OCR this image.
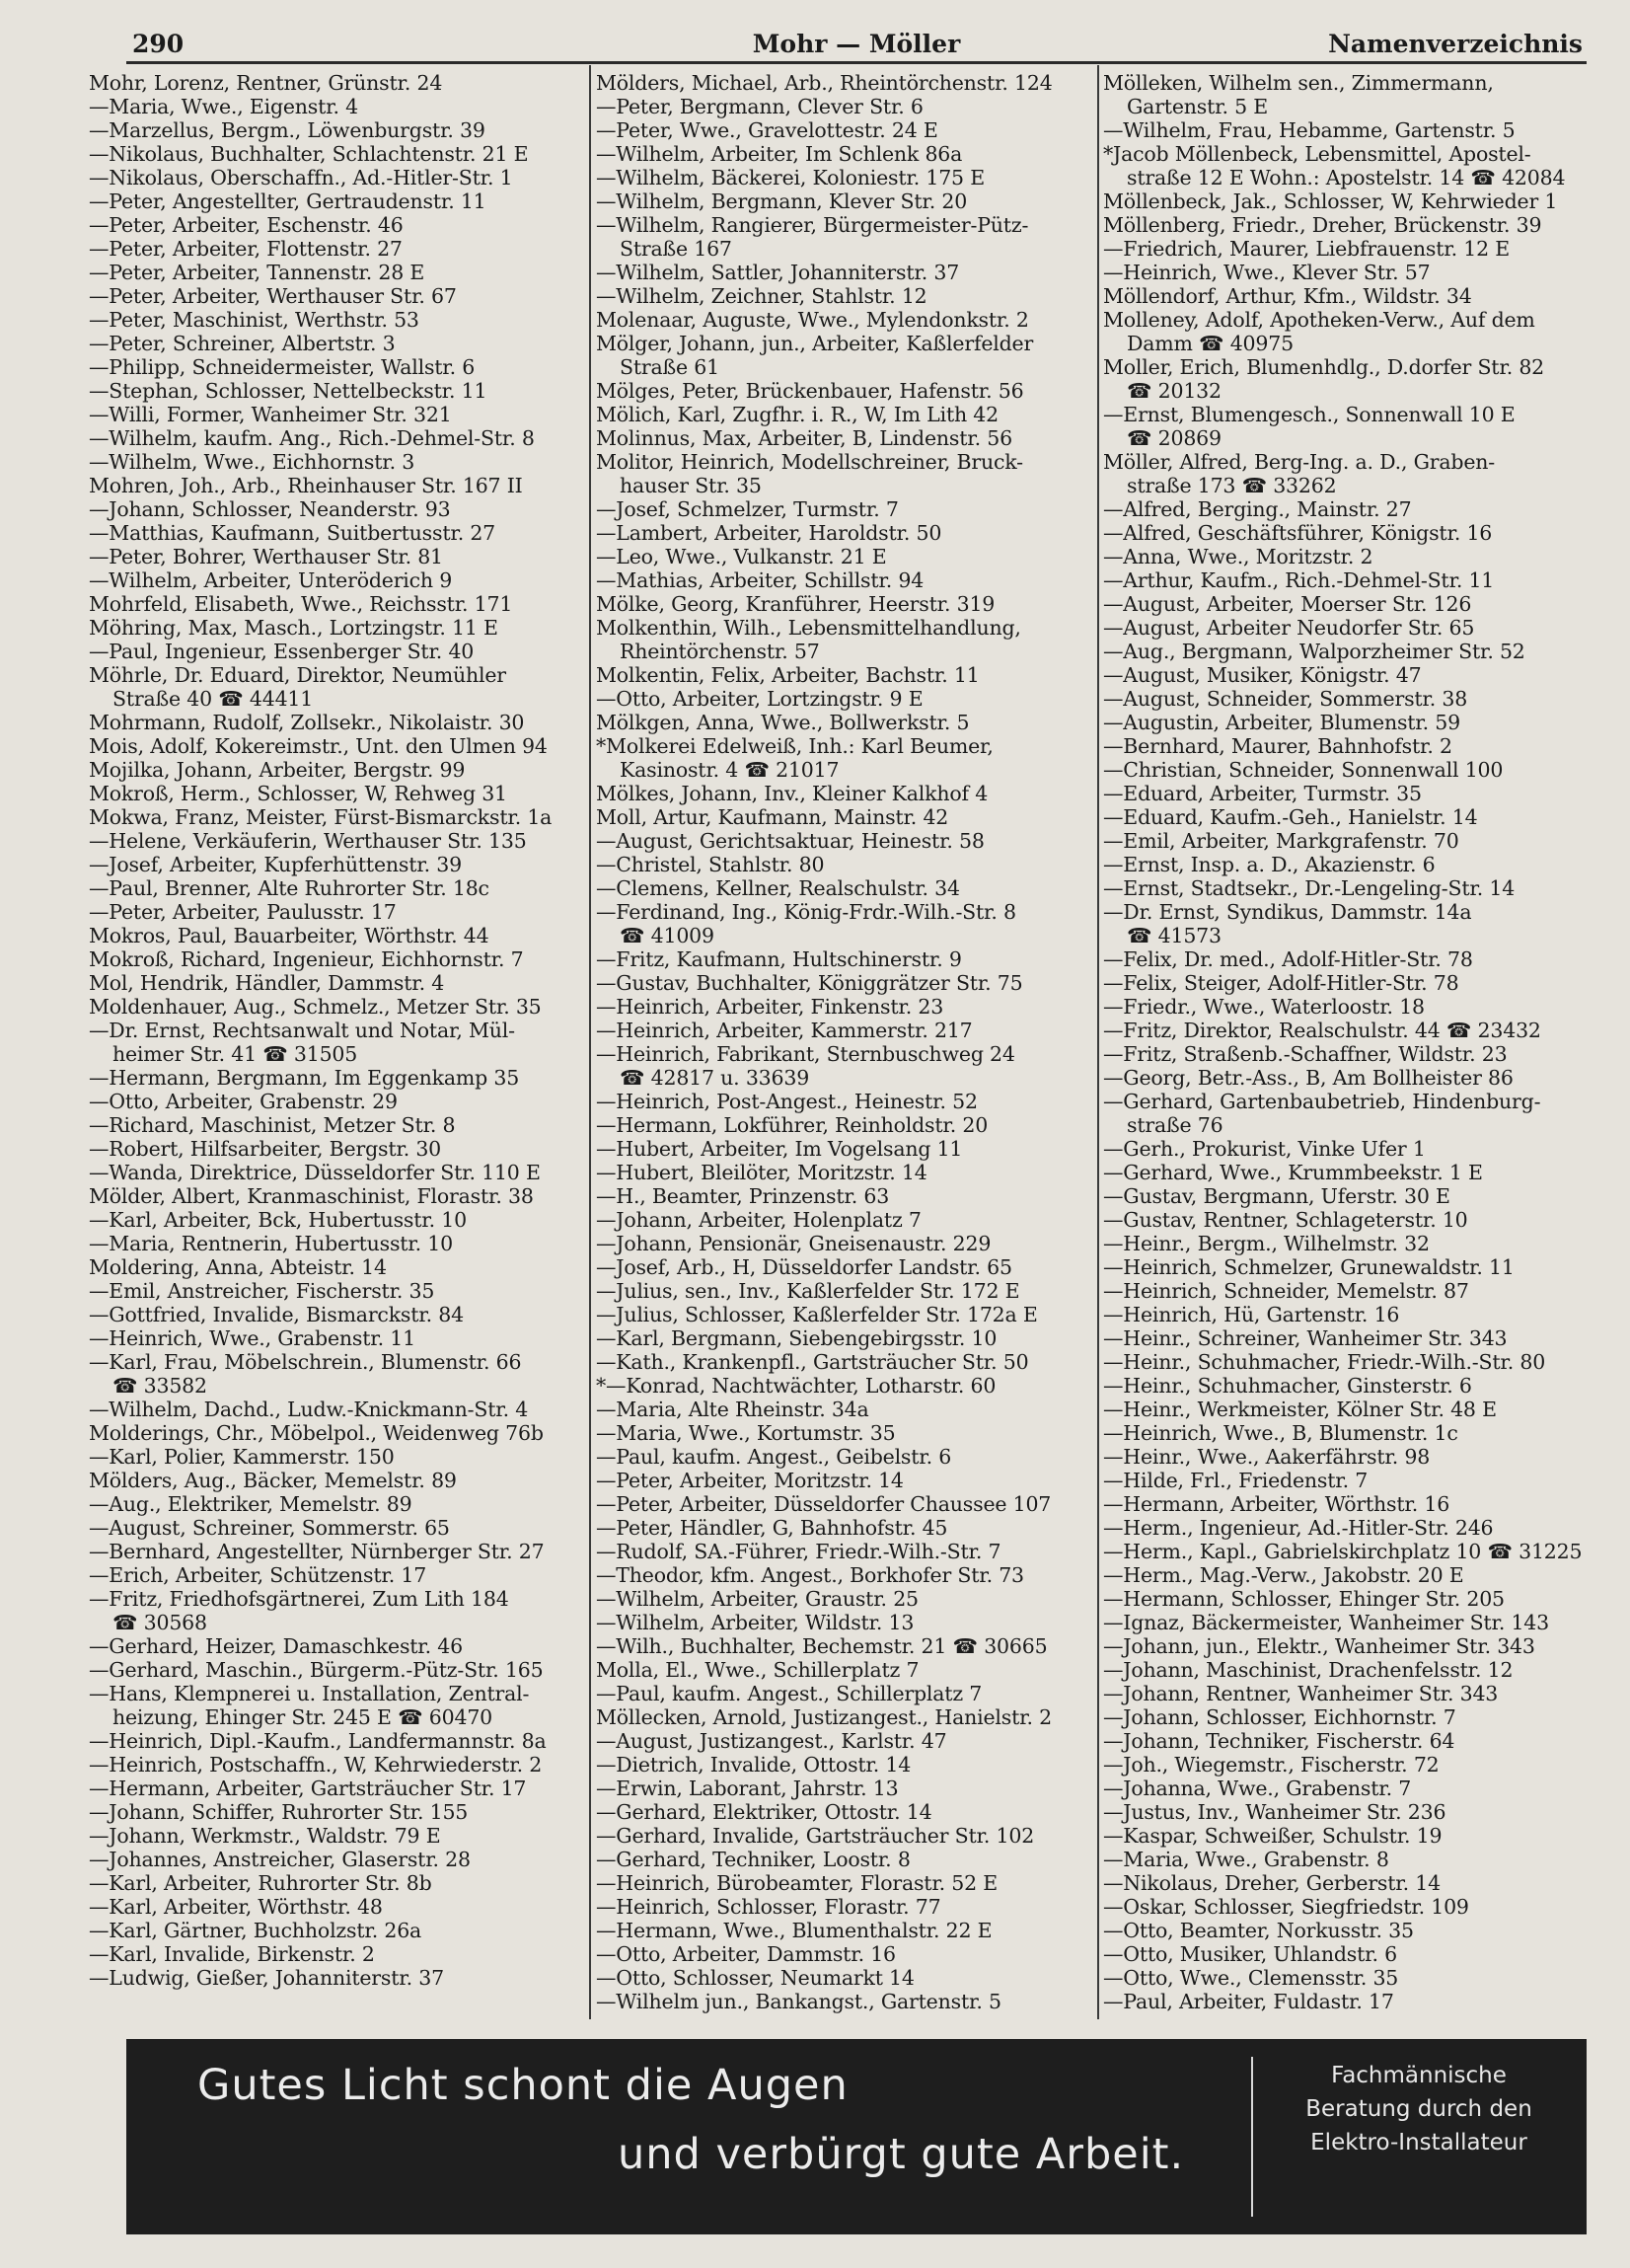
290	Mohr — Möller	Namenverzeichnis
Mohr, Lorenz, Rentner, Grünstr. 24
—Maria, Wwe., Eigenstr. 4
—Marzellus, Bergm., Löwenburgstr. 39
—Nikolaus, Buchhalter, Schlachtenstr. 21 E
—Nikolaus, Oberschaffn., Ad.-Hitler-Str. 1
—Peter, Angestellter, Gertraudenstr. 11
—Peter, Arbeiter, Eschenstr. 46
—Peter, Arbeiter, Flottenstr. 27
—Peter, Arbeiter, Tannenstr. 28 E
—Peter, Arbeiter, Werthauser Str. 67
—Peter, Maschinist, Werthstr. 53
—Peter, Schreiner, Albertstr. 3
—Philipp, Schneidermeister, Wallstr. 6
—Stephan, Schlosser, Nettelbeckstr. 11
—Willi, Former, Wanheimer Str. 321
—Wilhelm, kaufm. Ang., Rich.-Dehmel-Str. 8
—Wilhelm, Wwe., Eichhornstr. 3
Mohren, Joh., Arb., Rheinhauser Str. 167 II
—Johann, Schlosser, Neanderstr. 93
—Matthias, Kaufmann, Suitbertusstr. 27
—Peter, Bohrer, Werthauser Str. 81
—Wilhelm, Arbeiter, Unteröderich 9
Mohrfeld, Elisabeth, Wwe., Reichsstr. 171
Möhring, Max, Masch., Lortzingstr. 11 E
—Paul, Ingenieur, Essenberger Str. 40
Möhrle, Dr. Eduard, Direktor, Neumühler
Straße 40 ☎ 44411
Mohrmann, Rudolf, Zollsekr., Nikolaistr. 30
Mois, Adolf, Kokereimstr., Unt. den Ulmen 94
Mojilka, Johann, Arbeiter, Bergstr. 99
Mokroß, Herm., Schlosser, W, Rehweg 31
Mokwa, Franz, Meister, Fürst-Bismarckstr. 1a
—Helene, Verkäuferin, Werthauser Str. 135
—Josef, Arbeiter, Kupferhüttenstr. 39
—Paul, Brenner, Alte Ruhrorter Str. 18c
—Peter, Arbeiter, Paulusstr. 17
Mokros, Paul, Bauarbeiter, Wörthstr. 44
Mokroß, Richard, Ingenieur, Eichhornstr. 7
Mol, Hendrik, Händler, Dammstr. 4
Moldenhauer, Aug., Schmelz., Metzer Str. 35
—Dr. Ernst, Rechtsanwalt und Notar, Mül-
heimer Str. 41 ☎ 31505
—Hermann, Bergmann, Im Eggenkamp 35
—Otto, Arbeiter, Grabenstr. 29
—Richard, Maschinist, Metzer Str. 8
—Robert, Hilfsarbeiter, Bergstr. 30
—Wanda, Direktrice, Düsseldorfer Str. 110 E
Mölder, Albert, Kranmaschinist, Florastr. 38
—Karl, Arbeiter, Bck, Hubertusstr. 10
—Maria, Rentnerin, Hubertusstr. 10
Moldering, Anna, Abteistr. 14
—Emil, Anstreicher, Fischerstr. 35
—Gottfried, Invalide, Bismarckstr. 84
—Heinrich, Wwe., Grabenstr. 11
—Karl, Frau, Möbelschrein., Blumenstr. 66
☎ 33582
—Wilhelm, Dachd., Ludw.-Knickmann-Str. 4
Molderings, Chr., Möbelpol., Weidenweg 76b
—Karl, Polier, Kammerstr. 150
Mölders, Aug., Bäcker, Memelstr. 89
—Aug., Elektriker, Memelstr. 89
—August, Schreiner, Sommerstr. 65
—Bernhard, Angestellter, Nürnberger Str. 27
—Erich, Arbeiter, Schützenstr. 17
—Fritz, Friedhofsgärtnerei, Zum Lith 184
☎ 30568
—Gerhard, Heizer, Damaschkestr. 46
—Gerhard, Maschin., Bürgerm.-Pütz-Str. 165
—Hans, Klempnerei u. Installation, Zentral-
heizung, Ehinger Str. 245 E ☎ 60470
—Heinrich, Dipl.-Kaufm., Landfermannstr. 8a
—Heinrich, Postschaffn., W, Kehrwiederstr. 2
—Hermann, Arbeiter, Gartsträucher Str. 17
—Johann, Schiffer, Ruhrorter Str. 155
—Johann, Werkmstr., Waldstr. 79 E
—Johannes, Anstreicher, Glaserstr. 28
—Karl, Arbeiter, Ruhrorter Str. 8b
—Karl, Arbeiter, Wörthstr. 48
—Karl, Gärtner, Buchholzstr. 26a
—Karl, Invalide, Birkenstr. 2
—Ludwig, Gießer, Johanniterstr. 37
Mölders, Michael, Arb., Rheintörchenstr. 124
—Peter, Bergmann, Clever Str. 6
—Peter, Wwe., Gravelottestr. 24 E
—Wilhelm, Arbeiter, Im Schlenk 86a
—Wilhelm, Bäckerei, Koloniestr. 175 E
—Wilhelm, Bergmann, Klever Str. 20
—Wilhelm, Rangierer, Bürgermeister-Pütz-
Straße 167
—Wilhelm, Sattler, Johanniterstr. 37
—Wilhelm, Zeichner, Stahlstr. 12
Molenaar, Auguste, Wwe., Mylendonkstr. 2
Mölger, Johann, jun., Arbeiter, Kaßlerfelder
Straße 61
Mölges, Peter, Brückenbauer, Hafenstr. 56
Mölich, Karl, Zugfhr. i. R., W, Im Lith 42
Molinnus, Max, Arbeiter, B, Lindenstr. 56
Molitor, Heinrich, Modellschreiner, Bruck-
hauser Str. 35
—Josef, Schmelzer, Turmstr. 7
—Lambert, Arbeiter, Haroldstr. 50
—Leo, Wwe., Vulkanstr. 21 E
—Mathias, Arbeiter, Schillstr. 94
Mölke, Georg, Kranführer, Heerstr. 319
Molkenthin, Wilh., Lebensmittelhandlung,
Rheintörchenstr. 57
Molkentin, Felix, Arbeiter, Bachstr. 11
—Otto, Arbeiter, Lortzingstr. 9 E
Mölkgen, Anna, Wwe., Bollwerkstr. 5
*Molkerei Edelweiß, Inh.: Karl Beumer,
Kasinostr. 4 ☎ 21017
Mölkes, Johann, Inv., Kleiner Kalkhof 4
Moll, Artur, Kaufmann, Mainstr. 42
—August, Gerichtsaktuar, Heinestr. 58
—Christel, Stahlstr. 80
—Clemens, Kellner, Realschulstr. 34
—Ferdinand, Ing., König-Frdr.-Wilh.-Str. 8
☎ 41009
—Fritz, Kaufmann, Hultschinerstr. 9
—Gustav, Buchhalter, Königgrätzer Str. 75
—Heinrich, Arbeiter, Finkenstr. 23
—Heinrich, Arbeiter, Kammerstr. 217
—Heinrich, Fabrikant, Sternbuschweg 24
☎ 42817 u. 33639
—Heinrich, Post-Angest., Heinestr. 52
—Hermann, Lokführer, Reinholdstr. 20
—Hubert, Arbeiter, Im Vogelsang 11
—Hubert, Bleilöter, Moritzstr. 14
—H., Beamter, Prinzenstr. 63
—Johann, Arbeiter, Holenplatz 7
—Johann, Pensionär, Gneisenaustr. 229
—Josef, Arb., H, Düsseldorfer Landstr. 65
—Julius, sen., Inv., Kaßlerfelder Str. 172 E
—Julius, Schlosser, Kaßlerfelder Str. 172a E
—Karl, Bergmann, Siebengebirgsstr. 10
—Kath., Krankenpfl., Gartsträucher Str. 50
*—Konrad, Nachtwächter, Lotharstr. 60
—Maria, Alte Rheinstr. 34a
—Maria, Wwe., Kortumstr. 35
—Paul, kaufm. Angest., Geibelstr. 6
—Peter, Arbeiter, Moritzstr. 14
—Peter, Arbeiter, Düsseldorfer Chaussee 107
—Peter, Händler, G, Bahnhofstr. 45
—Rudolf, SA.-Führer, Friedr.-Wilh.-Str. 7
—Theodor, kfm. Angest., Borkhofer Str. 73
—Wilhelm, Arbeiter, Graustr. 25
—Wilhelm, Arbeiter, Wildstr. 13
—Wilh., Buchhalter, Bechemstr. 21 ☎ 30665
Molla, El., Wwe., Schillerplatz 7
—Paul, kaufm. Angest., Schillerplatz 7
Möllecken, Arnold, Justizangest., Hanielstr. 2
—August, Justizangest., Karlstr. 47
—Dietrich, Invalide, Ottostr. 14
—Erwin, Laborant, Jahrstr. 13
—Gerhard, Elektriker, Ottostr. 14
—Gerhard, Invalide, Gartsträucher Str. 102
—Gerhard, Techniker, Loostr. 8
—Heinrich, Bürobeamter, Florastr. 52 E
—Heinrich, Schlosser, Florastr. 77
—Hermann, Wwe., Blumenthalstr. 22 E
—Otto, Arbeiter, Dammstr. 16
—Otto, Schlosser, Neumarkt 14
—Wilhelm jun., Bankangst., Gartenstr. 5
Mölleken, Wilhelm sen., Zimmermann,
Gartenstr. 5 E
—Wilhelm, Frau, Hebamme, Gartenstr. 5
*Jacob Möllenbeck, Lebensmittel, Apostel-
straße 12 E Wohn.: Apostelstr. 14 ☎ 42084
Möllenbeck, Jak., Schlosser, W, Kehrwieder 1
Möllenberg, Friedr., Dreher, Brückenstr. 39
—Friedrich, Maurer, Liebfrauenstr. 12 E
—Heinrich, Wwe., Klever Str. 57
Möllendorf, Arthur, Kfm., Wildstr. 34
Molleney, Adolf, Apotheken-Verw., Auf dem
Damm ☎ 40975
Moller, Erich, Blumenhdlg., D.dorfer Str. 82
☎ 20132
—Ernst, Blumengesch., Sonnenwall 10 E
☎ 20869
Möller, Alfred, Berg-Ing. a. D., Graben-
straße 173 ☎ 33262
—Alfred, Berging., Mainstr. 27
—Alfred, Geschäftsführer, Königstr. 16
—Anna, Wwe., Moritzstr. 2
—Arthur, Kaufm., Rich.-Dehmel-Str. 11
—August, Arbeiter, Moerser Str. 126
—August, Arbeiter Neudorfer Str. 65
—Aug., Bergmann, Walporzheimer Str. 52
—August, Musiker, Königstr. 47
—August, Schneider, Sommerstr. 38
—Augustin, Arbeiter, Blumenstr. 59
—Bernhard, Maurer, Bahnhofstr. 2
—Christian, Schneider, Sonnenwall 100
—Eduard, Arbeiter, Turmstr. 35
—Eduard, Kaufm.-Geh., Hanielstr. 14
—Emil, Arbeiter, Markgrafenstr. 70
—Ernst, Insp. a. D., Akazienstr. 6
—Ernst, Stadtsekr., Dr.-Lengeling-Str. 14
—Dr. Ernst, Syndikus, Dammstr. 14a
☎ 41573
—Felix, Dr. med., Adolf-Hitler-Str. 78
—Felix, Steiger, Adolf-Hitler-Str. 78
—Friedr., Wwe., Waterloostr. 18
—Fritz, Direktor, Realschulstr. 44 ☎ 23432
—Fritz, Straßenb.-Schaffner, Wildstr. 23
—Georg, Betr.-Ass., B, Am Bollheister 86
—Gerhard, Gartenbaubetrieb, Hindenburg-
straße 76
—Gerh., Prokurist, Vinke Ufer 1
—Gerhard, Wwe., Krummbeekstr. 1 E
—Gustav, Bergmann, Uferstr. 30 E
—Gustav, Rentner, Schlageterstr. 10
—Heinr., Bergm., Wilhelmstr. 32
—Heinrich, Schmelzer, Grunewaldstr. 11
—Heinrich, Schneider, Memelstr. 87
—Heinrich, Hü, Gartenstr. 16
—Heinr., Schreiner, Wanheimer Str. 343
—Heinr., Schuhmacher, Friedr.-Wilh.-Str. 80
—Heinr., Schuhmacher, Ginsterstr. 6
—Heinr., Werkmeister, Kölner Str. 48 E
—Heinrich, Wwe., B, Blumenstr. 1c
—Heinr., Wwe., Aakerfährstr. 98
—Hilde, Frl., Friedenstr. 7
—Hermann, Arbeiter, Wörthstr. 16
—Herm., Ingenieur, Ad.-Hitler-Str. 246
—Herm., Kapl., Gabrielskirchplatz 10 ☎ 31225
—Herm., Mag.-Verw., Jakobstr. 20 E
—Hermann, Schlosser, Ehinger Str. 205
—Ignaz, Bäckermeister, Wanheimer Str. 143
—Johann, jun., Elektr., Wanheimer Str. 343
—Johann, Maschinist, Drachenfelsstr. 12
—Johann, Rentner, Wanheimer Str. 343
—Johann, Schlosser, Eichhornstr. 7
—Johann, Techniker, Fischerstr. 64
—Joh., Wiegemstr., Fischerstr. 72
—Johanna, Wwe., Grabenstr. 7
—Justus, Inv., Wanheimer Str. 236
—Kaspar, Schweißer, Schulstr. 19
—Maria, Wwe., Grabenstr. 8
—Nikolaus, Dreher, Gerberstr. 14
—Oskar, Schlosser, Siegfriedstr. 109
—Otto, Beamter, Norkusstr. 35
—Otto, Musiker, Uhlandstr. 6
—Otto, Wwe., Clemensstr. 35
—Paul, Arbeiter, Fuldastr. 17
Gutes Licht schont die Augen
und verbürgt gute Arbeit.
Fachmännische
Beratung durch den
Elektro-Installateur
